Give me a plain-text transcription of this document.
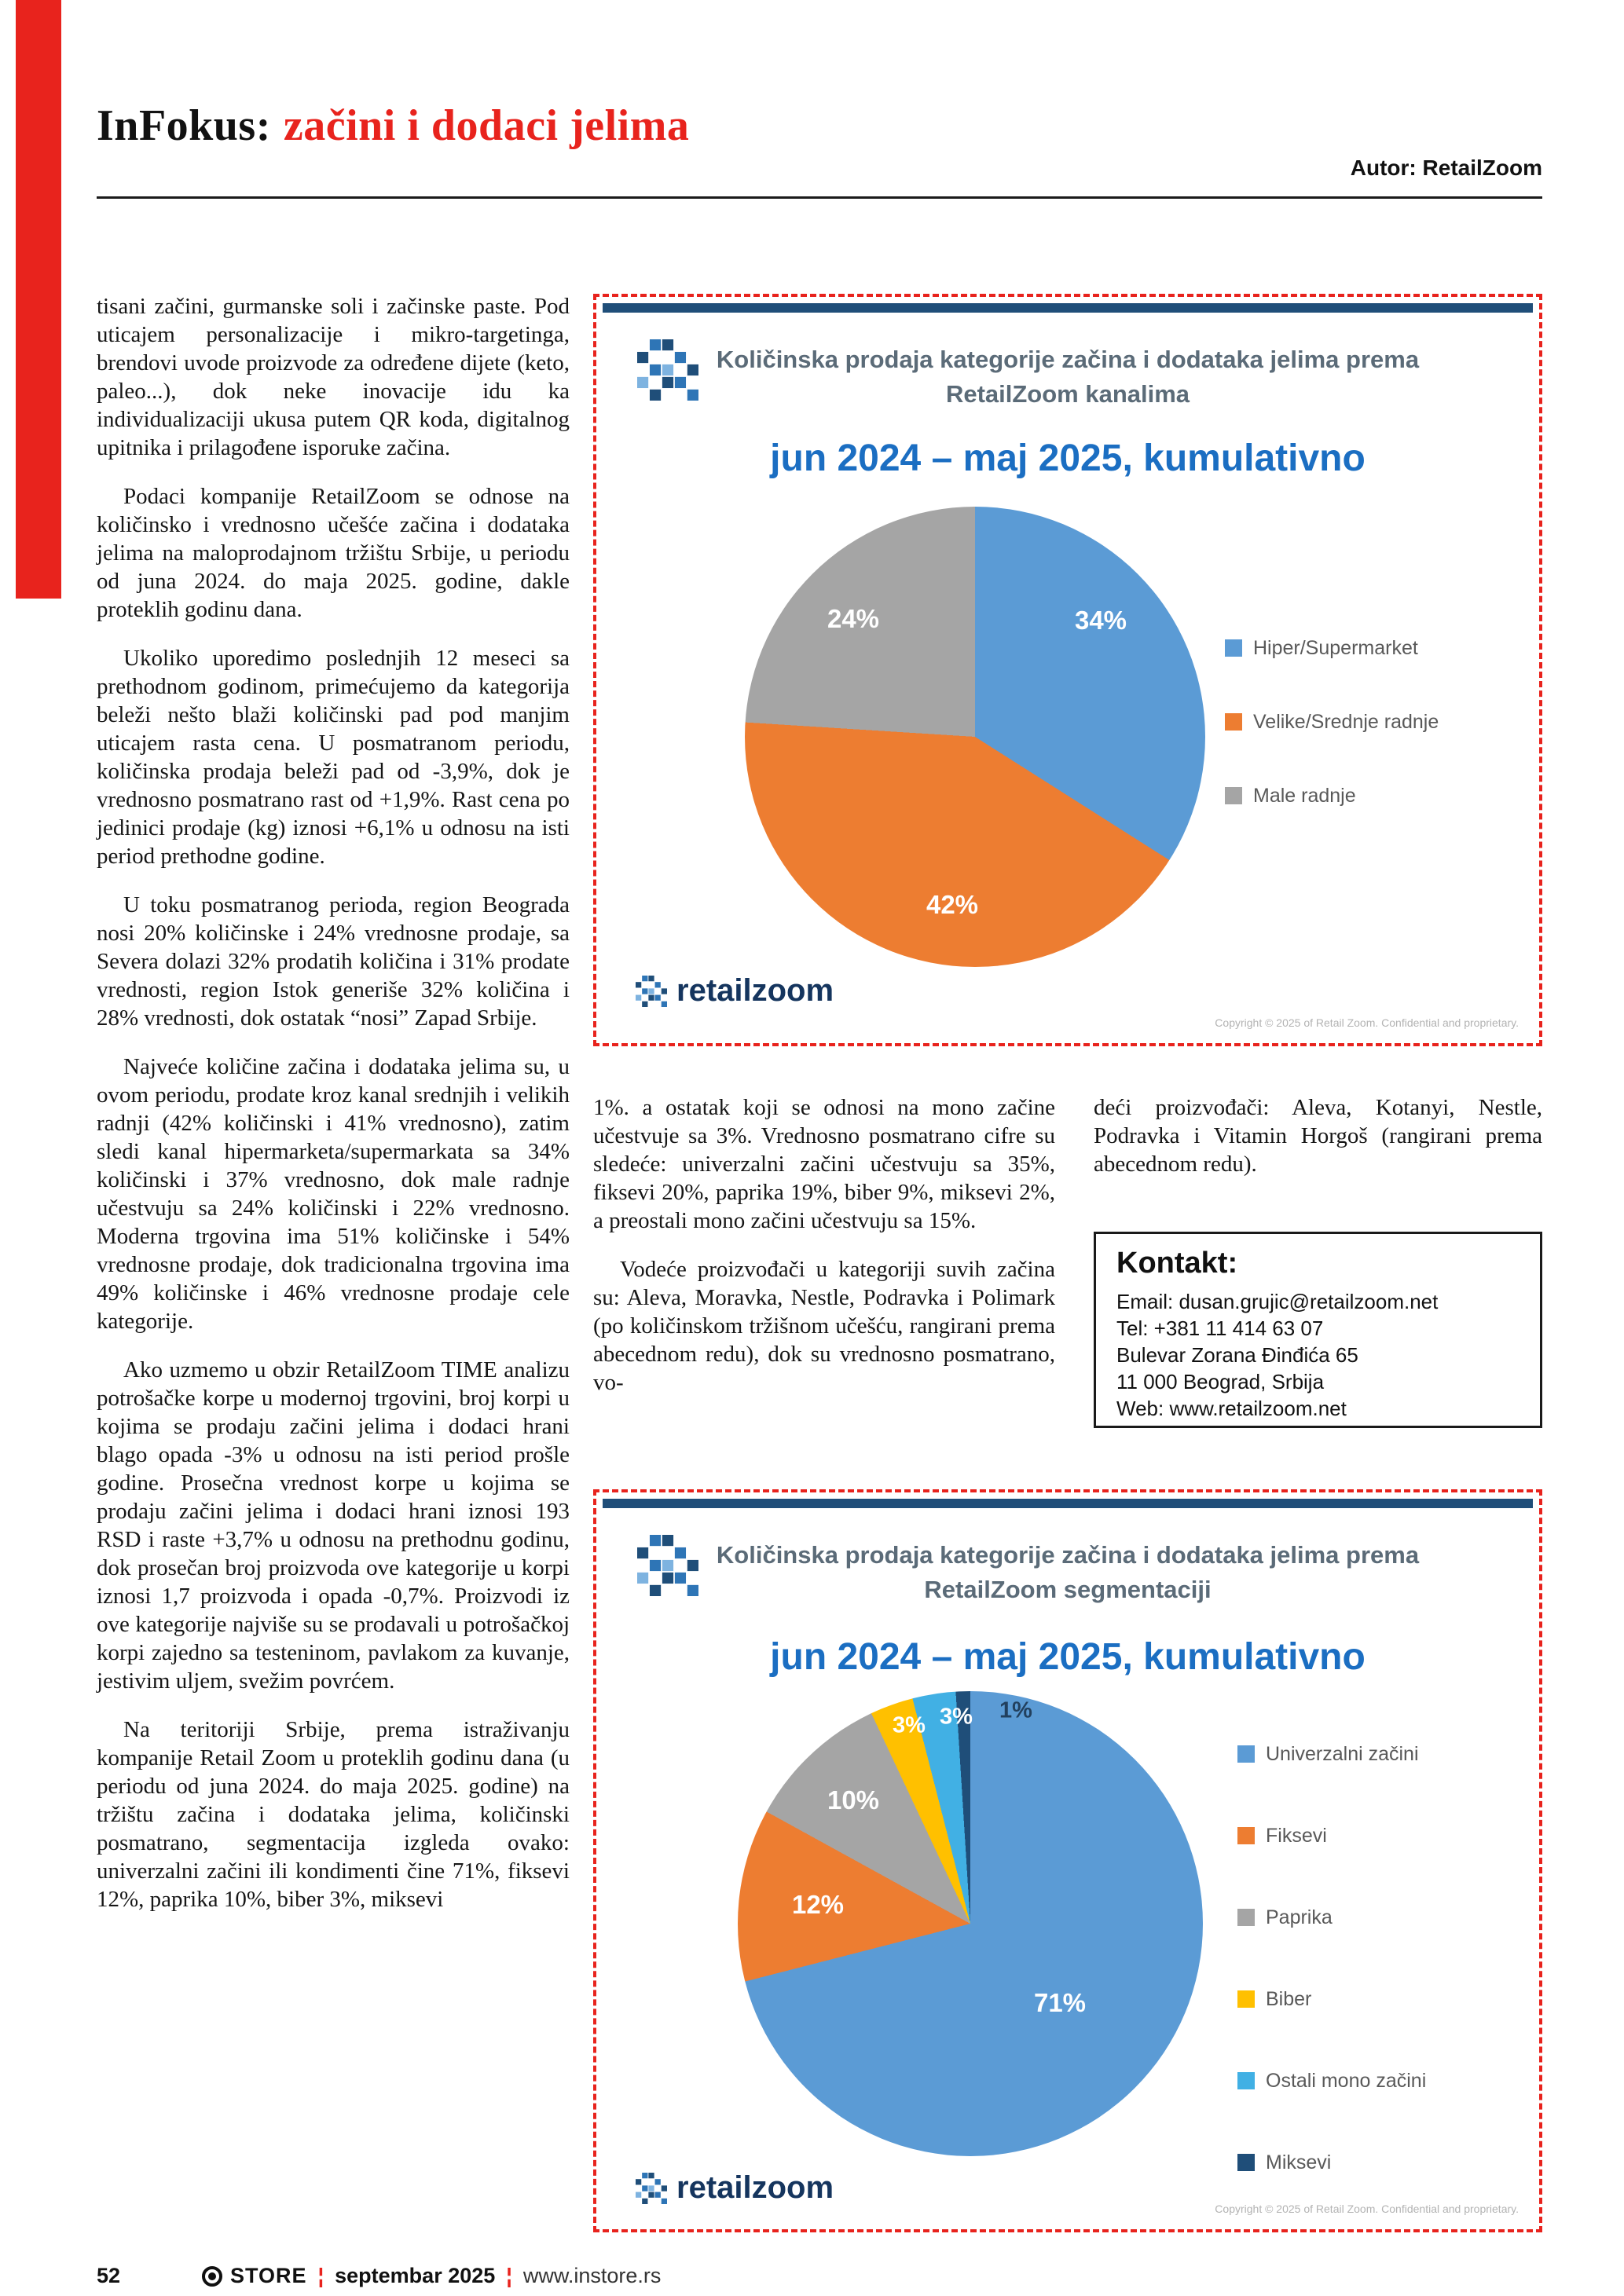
InFokus: začini i dodaci jelima
Autor: RetailZoom

tisani začini, gurmanske soli i začinske paste. Pod uticajem personalizacije i mikro-targetinga, brendovi uvode proizvode za određene dijete (keto, paleo...), dok neke inovacije idu ka individualizaciji ukusa putem QR koda, digitalnog upitnika i prilagođene isporuke začina.

Podaci kompanije RetailZoom se odnose na količinsko i vrednosno učešće začina i dodataka jelima na maloprodajnom tržištu Srbije, u periodu od juna 2024. do maja 2025. godine, dakle proteklih godinu dana.

Ukoliko uporedimo poslednjih 12 meseci sa prethodnom godinom, primećujemo da kategorija beleži nešto blaži količinski pad pod manjim uticajem rasta cena. U posmatranom periodu, količinska prodaja beleži pad od -3,9%, dok je vrednosno posmatrano rast od +1,9%. Rast cena po jedinici prodaje (kg) iznosi +6,1% u odnosu na isti period prethodne godine.

U toku posmatranog perioda, region Beograda nosi 20% količinske i 24% vrednosne prodaje, sa Severa dolazi 32% prodatih količina i 31% prodate vrednosti, region Istok generiše 32% količina i 28% vrednosti, dok ostatak “nosi” Zapad Srbije.

Najveće količine začina i dodataka jelima su, u ovom periodu, prodate kroz kanal srednjih i velikih radnji (42% količinski i 41% vrednosno), zatim sledi kanal hipermarketa/supermarkata sa 34% količinski i 37% vrednosno, dok male radnje učestvuju sa 24% količinski i 22% vrednosno. Moderna trgovina ima 51% količinske i 54% vrednosne prodaje, dok tradicionalna trgovina ima 49% količinske i 46% vrednosne prodaje cele kategorije.

Ako uzmemo u obzir RetailZoom TIME analizu potrošačke korpe u modernoj trgovini, broj korpi u kojima se prodaju začini jelima i dodaci hrani blago opada -3% u odnosu na isti period prošle godine. Prosečna vrednost korpe u kojima se prodaju začini jelima i dodaci hrani iznosi 193 RSD i raste +3,7% u odnosu na prethodnu godinu, dok prosečan broj proizvoda ove kategorije u korpi iznosi 1,7 proizvoda i opada -0,7%. Proizvodi iz ove kategorije najviše su se prodavali u potrošačkoj korpi zajedno sa testeninom, pavlakom za kuvanje, jestivim uljem, svežim povrćem.

Na teritoriji Srbije, prema istraživanju kompanije Retail Zoom u proteklih godinu dana (u periodu od juna 2024. do maja 2025. godine) na tržištu začina i dodataka jelima, količinski posmatrano, segmentacija izgleda ovako: univerzalni začini ili kondimenti čine 71%, fiksevi 12%, paprika 10%, biber 3%, miksevi

Količinska prodaja kategorije začina i dodataka jelima prema RetailZoom kanalima
jun 2024 – maj 2025, kumulativno
34%
42%
24%
Hiper/Supermarket
Velike/Srednje radnje
Male radnje
retailzoom
Copyright © 2025 of Retail Zoom. Confidential and proprietary.

1%. a ostatak koji se odnosi na mono začine učestvuje sa 3%. Vrednosno posmatrano cifre su sledeće: univerzalni začini učestvuju sa 35%, fiksevi 20%, paprika 19%, biber 9%, miksevi 2%, a preostali mono začini učestvuju sa 15%.

Vodeće proizvođači u kategoriji suvih začina su: Aleva, Moravka, Nestle, Podravka i Polimark (po količinskom tržišnom učešću, rangirani prema abecednom redu), dok su vrednosno posmatrano, vo-

deći proizvođači: Aleva, Kotanyi, Nestle, Podravka i Vitamin Horgoš (rangirani prema abecednom redu).

Kontakt:
Email: dusan.grujic@retailzoom.net
Tel: +381 11 414 63 07
Bulevar Zorana Đinđića 65
11 000 Beograd, Srbija
Web: www.retailzoom.net
Količinska prodaja kategorije začina i dodataka jelima prema RetailZoom segmentaciji
jun 2024 – maj 2025, kumulativno
71%
12%
10%
3% 3% 1%
Univerzalni začini
Fiksevi
Paprika
Biber
Ostali mono začini
Miksevi
retailzoom
Copyright © 2025 of Retail Zoom. Confidential and proprietary.
52	STORE ¦ septembar 2025 ¦ www.instore.rs
